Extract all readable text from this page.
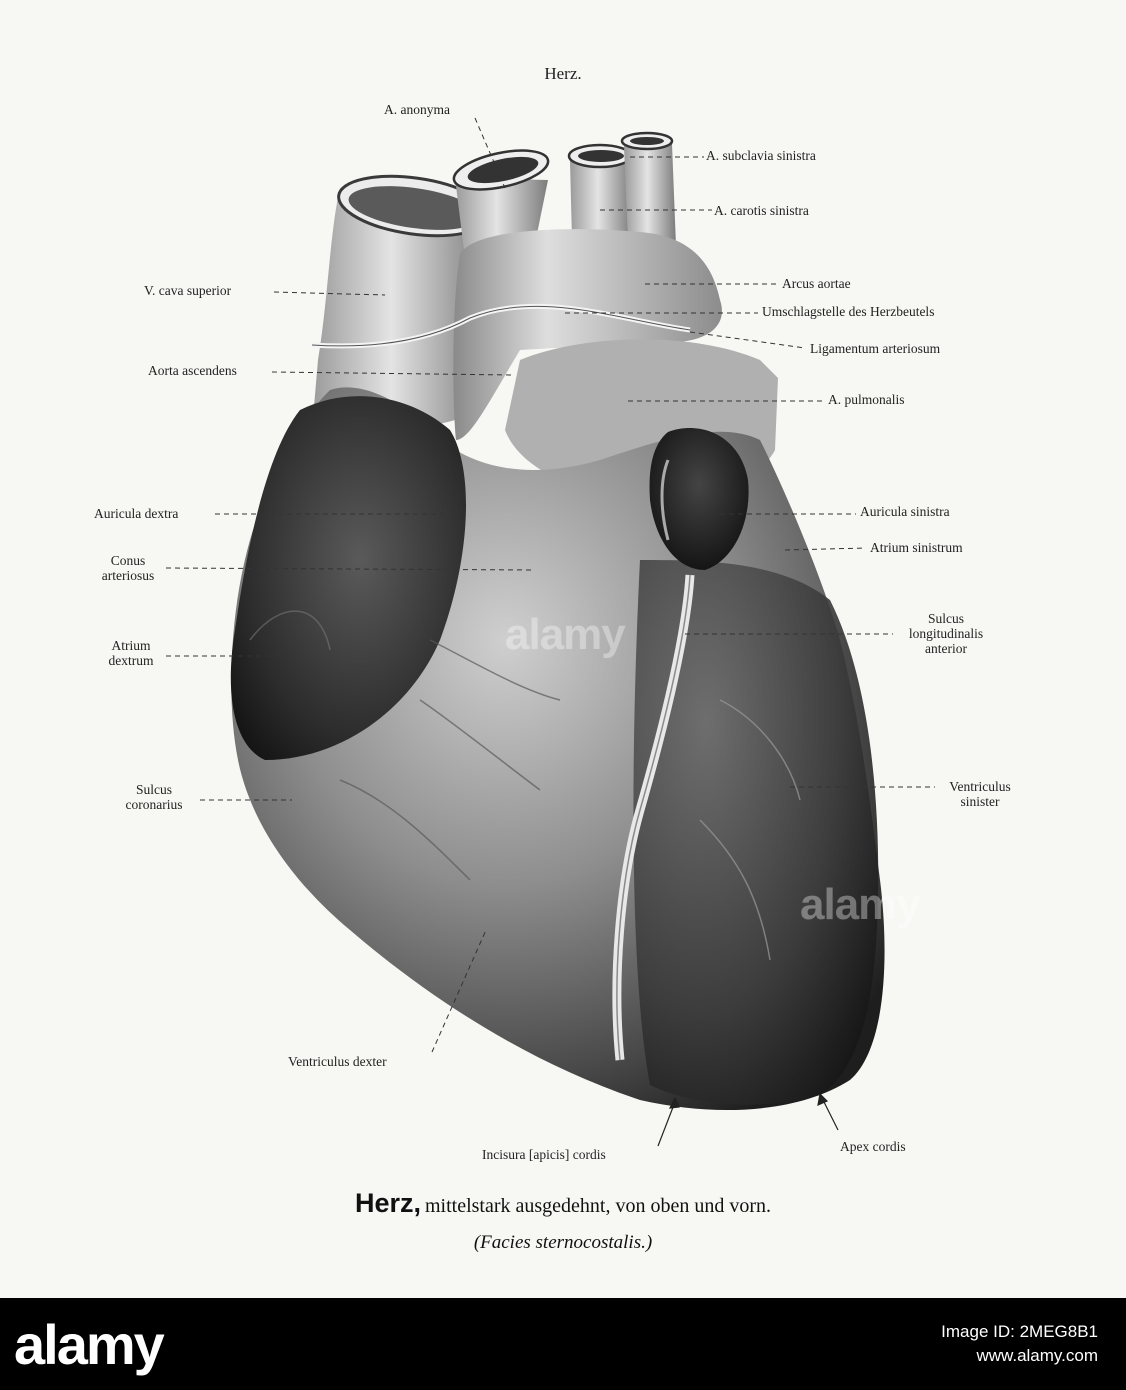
Herz.
A. anonyma
A. subclavia sinistra
A. carotis sinistra
V. cava superior	Arcus aortae
Umschlagstelle des Herzbeutels
Ligamentum arteriosum
Aorta ascendens
A. pulmonalis
Auricula dextra	Auricula sinistra
Atrium sinistrum
Conus
arteriosus
Sulcus
longitudinalis
anterior
Atrium
dextrum
Sulcus
coronarius
Ventriculus
sinister
Ventriculus dexter
Incisura [apicis] cordis
Apex cordis
Herz, mittelstark ausgedehnt, von oben und vorn.
(Facies sternocostalis.)
alamy
alamy
alamy	Image ID: 2MEG8B1
www.alamy.com
